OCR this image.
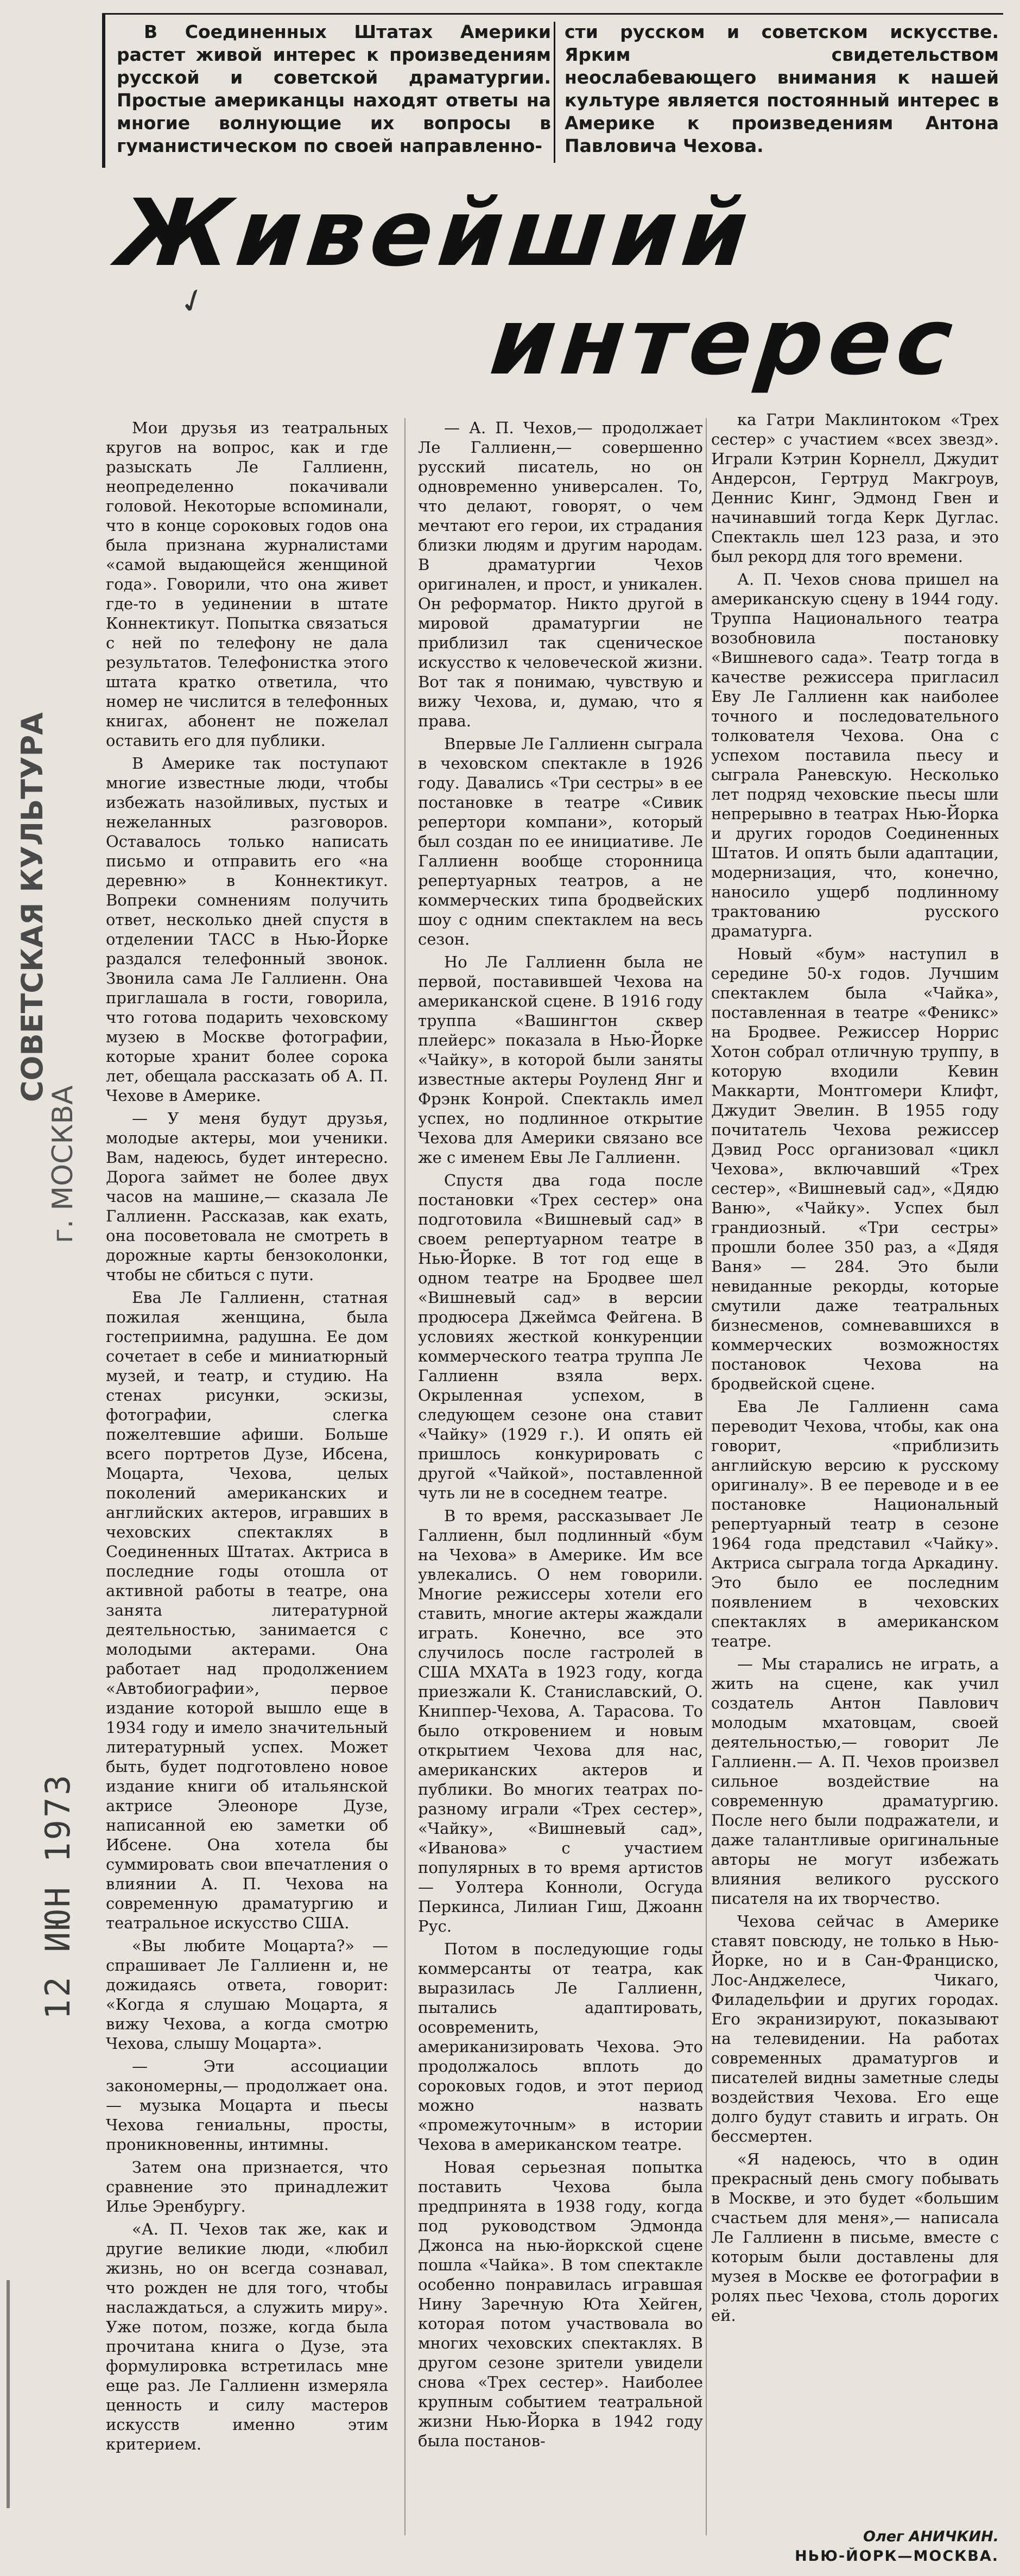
В Соединенных Штатах Америки растет живой интерес к произведениям русской и советской драматургии. Простые американцы находят ответы на многие волнующие их вопросы в гуманистическом по своей направленно-

сти русском и советском искусстве. Ярким свидетельством неослабевающего внимания к нашей культуре является постоянный интерес в Америке к произведениям Антона Павловича Чехова.

Живейший
интерес
✓

Мои друзья из театральных кругов на вопрос, как и где разыскать Ле Галлиенн, неопределенно покачивали головой. Некоторые вспоминали, что в конце сороковых годов она была признана журналистами «самой выдающейся женщиной года». Говорили, что она живет где-то в уединении в штате Коннектикут. Попытка связаться с ней по телефону не дала результатов. Телефонистка этого штата кратко ответила, что номер не числится в телефонных книгах, абонент не пожелал оставить его для публики.

В Америке так поступают многие известные люди, чтобы избежать назойливых, пустых и нежеланных разговоров. Оставалось только написать письмо и отправить его «на деревню» в Коннектикут. Вопреки сомнениям получить ответ, несколько дней спустя в отделении ТАСС в Нью-Йорке раздался телефонный звонок. Звонила сама Ле Галлиенн. Она приглашала в гости, говорила, что готова подарить чеховскому музею в Москве фотографии, которые хранит более сорока лет, обещала рассказать об А. П. Чехове в Америке.

— У меня будут друзья, молодые актеры, мои ученики. Вам, надеюсь, будет интересно. Дорога займет не более двух часов на машине,— сказала Ле Галлиенн. Рассказав, как ехать, она посоветовала не смотреть в дорожные карты бензоколонки, чтобы не сбиться с пути.

Ева Ле Галлиенн, статная пожилая женщина, была гостеприимна, радушна. Ее дом сочетает в себе и миниатюрный музей, и театр, и студию. На стенах рисунки, эскизы, фотографии, слегка пожелтевшие афиши. Больше всего портретов Дузе, Ибсена, Моцарта, Чехова, целых поколений американских и английских актеров, игравших в чеховских спектаклях в Соединенных Штатах. Актриса в последние годы отошла от активной работы в театре, она занята литературной деятельностью, занимается с молодыми актерами. Она работает над продолжением «Автобиографии», первое издание которой вышло еще в 1934 году и имело значительный литературный успех. Может быть, будет подготовлено новое издание книги об итальянской актрисе Элеоноре Дузе, написанной ею заметки об Ибсене. Она хотела бы суммировать свои впечатления о влиянии А. П. Чехова на современную драматургию и театральное искусство США.

«Вы любите Моцарта?» — спрашивает Ле Галлиенн и, не дожидаясь ответа, говорит: «Когда я слушаю Моцарта, я вижу Чехова, а когда смотрю Чехова, слышу Моцарта».

— Эти ассоциации закономерны,— продолжает она.— музыка Моцарта и пьесы Чехова гениальны, просты, проникновенны, интимны.

Затем она признается, что сравнение это принадлежит Илье Эренбургу.

«А. П. Чехов так же, как и другие великие люди, «любил жизнь, но он всегда сознавал, что рожден не для того, чтобы наслаждаться, а служить миру». Уже потом, позже, когда была прочитана книга о Дузе, эта формулировка встретилась мне еще раз. Ле Галлиенн измеряла ценность и силу мастеров искусств именно этим критерием.

— А. П. Чехов,— продолжает Ле Галлиенн,— совершенно русский писатель, но он одновременно универсален. То, что делают, говорят, о чем мечтают его герои, их страдания близки людям и другим народам. В драматургии Чехов оригинален, и прост, и уникален. Он реформатор. Никто другой в мировой драматургии не приблизил так сценическое искусство к человеческой жизни. Вот так я понимаю, чувствую и вижу Чехова, и, думаю, что я права.

Впервые Ле Галлиенн сыграла в чеховском спектакле в 1926 году. Давались «Три сестры» в ее постановке в театре «Сивик репертори компани», который был создан по ее инициативе. Ле Галлиенн вообще сторонница репертуарных театров, а не коммерческих типа бродвейских шоу с одним спектаклем на весь сезон.

Но Ле Галлиенн была не первой, поставившей Чехова на американской сцене. В 1916 году труппа «Вашингтон сквер плейерс» показала в Нью-Йорке «Чайку», в которой были заняты известные актеры Роуленд Янг и Фрэнк Конрой. Спектакль имел успех, но подлинное открытие Чехова для Америки связано все же с именем Евы Ле Галлиенн.

Спустя два года после постановки «Трех сестер» она подготовила «Вишневый сад» в своем репертуарном театре в Нью-Йорке. В тот год еще в одном театре на Бродвее шел «Вишневый сад» в версии продюсера Джеймса Фейгена. В условиях жесткой конкуренции коммерческого театра труппа Ле Галлиенн взяла верх. Окрыленная успехом, в следующем сезоне она ставит «Чайку» (1929 г.). И опять ей пришлось конкурировать с другой «Чайкой», поставленной чуть ли не в соседнем театре.

В то время, рассказывает Ле Галлиенн, был подлинный «бум на Чехова» в Америке. Им все увлекались. О нем говорили. Многие режиссеры хотели его ставить, многие актеры жаждали играть. Конечно, все это случилось после гастролей в США МХАТа в 1923 году, когда приезжали К. Станиславский, О. Книппер-Чехова, А. Тарасова. То было откровением и новым открытием Чехова для нас, американских актеров и публики. Во многих театрах по-разному играли «Трех сестер», «Чайку», «Вишневый сад», «Иванова» с участием популярных в то время артистов — Уолтера Конноли, Осгуда Перкинса, Лилиан Гиш, Джоанн Рус.

Потом в последующие годы коммерсанты от театра, как выразилась Ле Галлиенн, пытались адаптировать, осовременить, американизировать Чехова. Это продолжалось вплоть до сороковых годов, и этот период можно назвать «промежуточным» в истории Чехова в американском театре.

Новая серьезная попытка поставить Чехова была предпринята в 1938 году, когда под руководством Эдмонда Джонса на нью-йоркской сцене пошла «Чайка». В том спектакле особенно понравилась игравшая Нину Заречную Юта Хейген, которая потом участвовала во многих чеховских спектаклях. В другом сезоне зрители увидели снова «Трех сестер». Наиболее крупным событием театральной жизни Нью-Йорка в 1942 году была постанов-

ка Гатри Маклинтоком «Трех сестер» с участием «всех звезд». Играли Кэтрин Корнелл, Джудит Андерсон, Гертруд Макгроув, Деннис Кинг, Эдмонд Гвен и начинавший тогда Керк Дуглас. Спектакль шел 123 раза, и это был рекорд для того времени.

А. П. Чехов снова пришел на американскую сцену в 1944 году. Труппа Национального театра возобновила постановку «Вишневого сада». Театр тогда в качестве режиссера пригласил Еву Ле Галлиенн как наиболее точного и последовательного толкователя Чехова. Она с успехом поставила пьесу и сыграла Раневскую. Несколько лет подряд чеховские пьесы шли непрерывно в театрах Нью-Йорка и других городов Соединенных Штатов. И опять были адаптации, модернизация, что, конечно, наносило ущерб подлинному трактованию русского драматурга.

Новый «бум» наступил в середине 50-х годов. Лучшим спектаклем была «Чайка», поставленная в театре «Феникс» на Бродвее. Режиссер Норрис Хотон собрал отличную труппу, в которую входили Кевин Маккарти, Монтгомери Клифт, Джудит Эвелин. В 1955 году почитатель Чехова режиссер Дэвид Росс организовал «цикл Чехова», включавший «Трех сестер», «Вишневый сад», «Дядю Ваню», «Чайку». Успех был грандиозный. «Три сестры» прошли более 350 раз, а «Дядя Ваня» — 284. Это были невиданные рекорды, которые смутили даже театральных бизнесменов, сомневавшихся в коммерческих возможностях постановок Чехова на бродвейской сцене.

Ева Ле Галлиенн сама переводит Чехова, чтобы, как она говорит, «приблизить английскую версию к русскому оригиналу». В ее переводе и в ее постановке Национальный репертуарный театр в сезоне 1964 года представил «Чайку». Актриса сыграла тогда Аркадину. Это было ее последним появлением в чеховских спектаклях в американском театре.

— Мы старались не играть, а жить на сцене, как учил создатель Антон Павлович молодым мхатовцам, своей деятельностью,— говорит Ле Галлиенн.— А. П. Чехов произвел сильное воздействие на современную драматургию. После него были подражатели, и даже талантливые оригинальные авторы не могут избежать влияния великого русского писателя на их творчество.

Чехова сейчас в Америке ставят повсюду, не только в Нью-Йорке, но и в Сан-Франциско, Лос-Анджелесе, Чикаго, Филадельфии и других городах. Его экранизируют, показывают на телевидении. На работах современных драматургов и писателей видны заметные следы воздействия Чехова. Его еще долго будут ставить и играть. Он бессмертен.

«Я надеюсь, что в один прекрасный день смогу побывать в Москве, и это будет «большим счастьем для меня»,— написала Ле Галлиенн в письме, вместе с которым были доставлены для музея в Москве ее фотографии в ролях пьес Чехова, столь дорогих ей.

Олег АНИЧКИН.
НЬЮ-ЙОРК—МОСКВА.
СОВЕТСКАЯ КУЛЬТУРА
г. МОСКВА
12 ИЮН 1973
